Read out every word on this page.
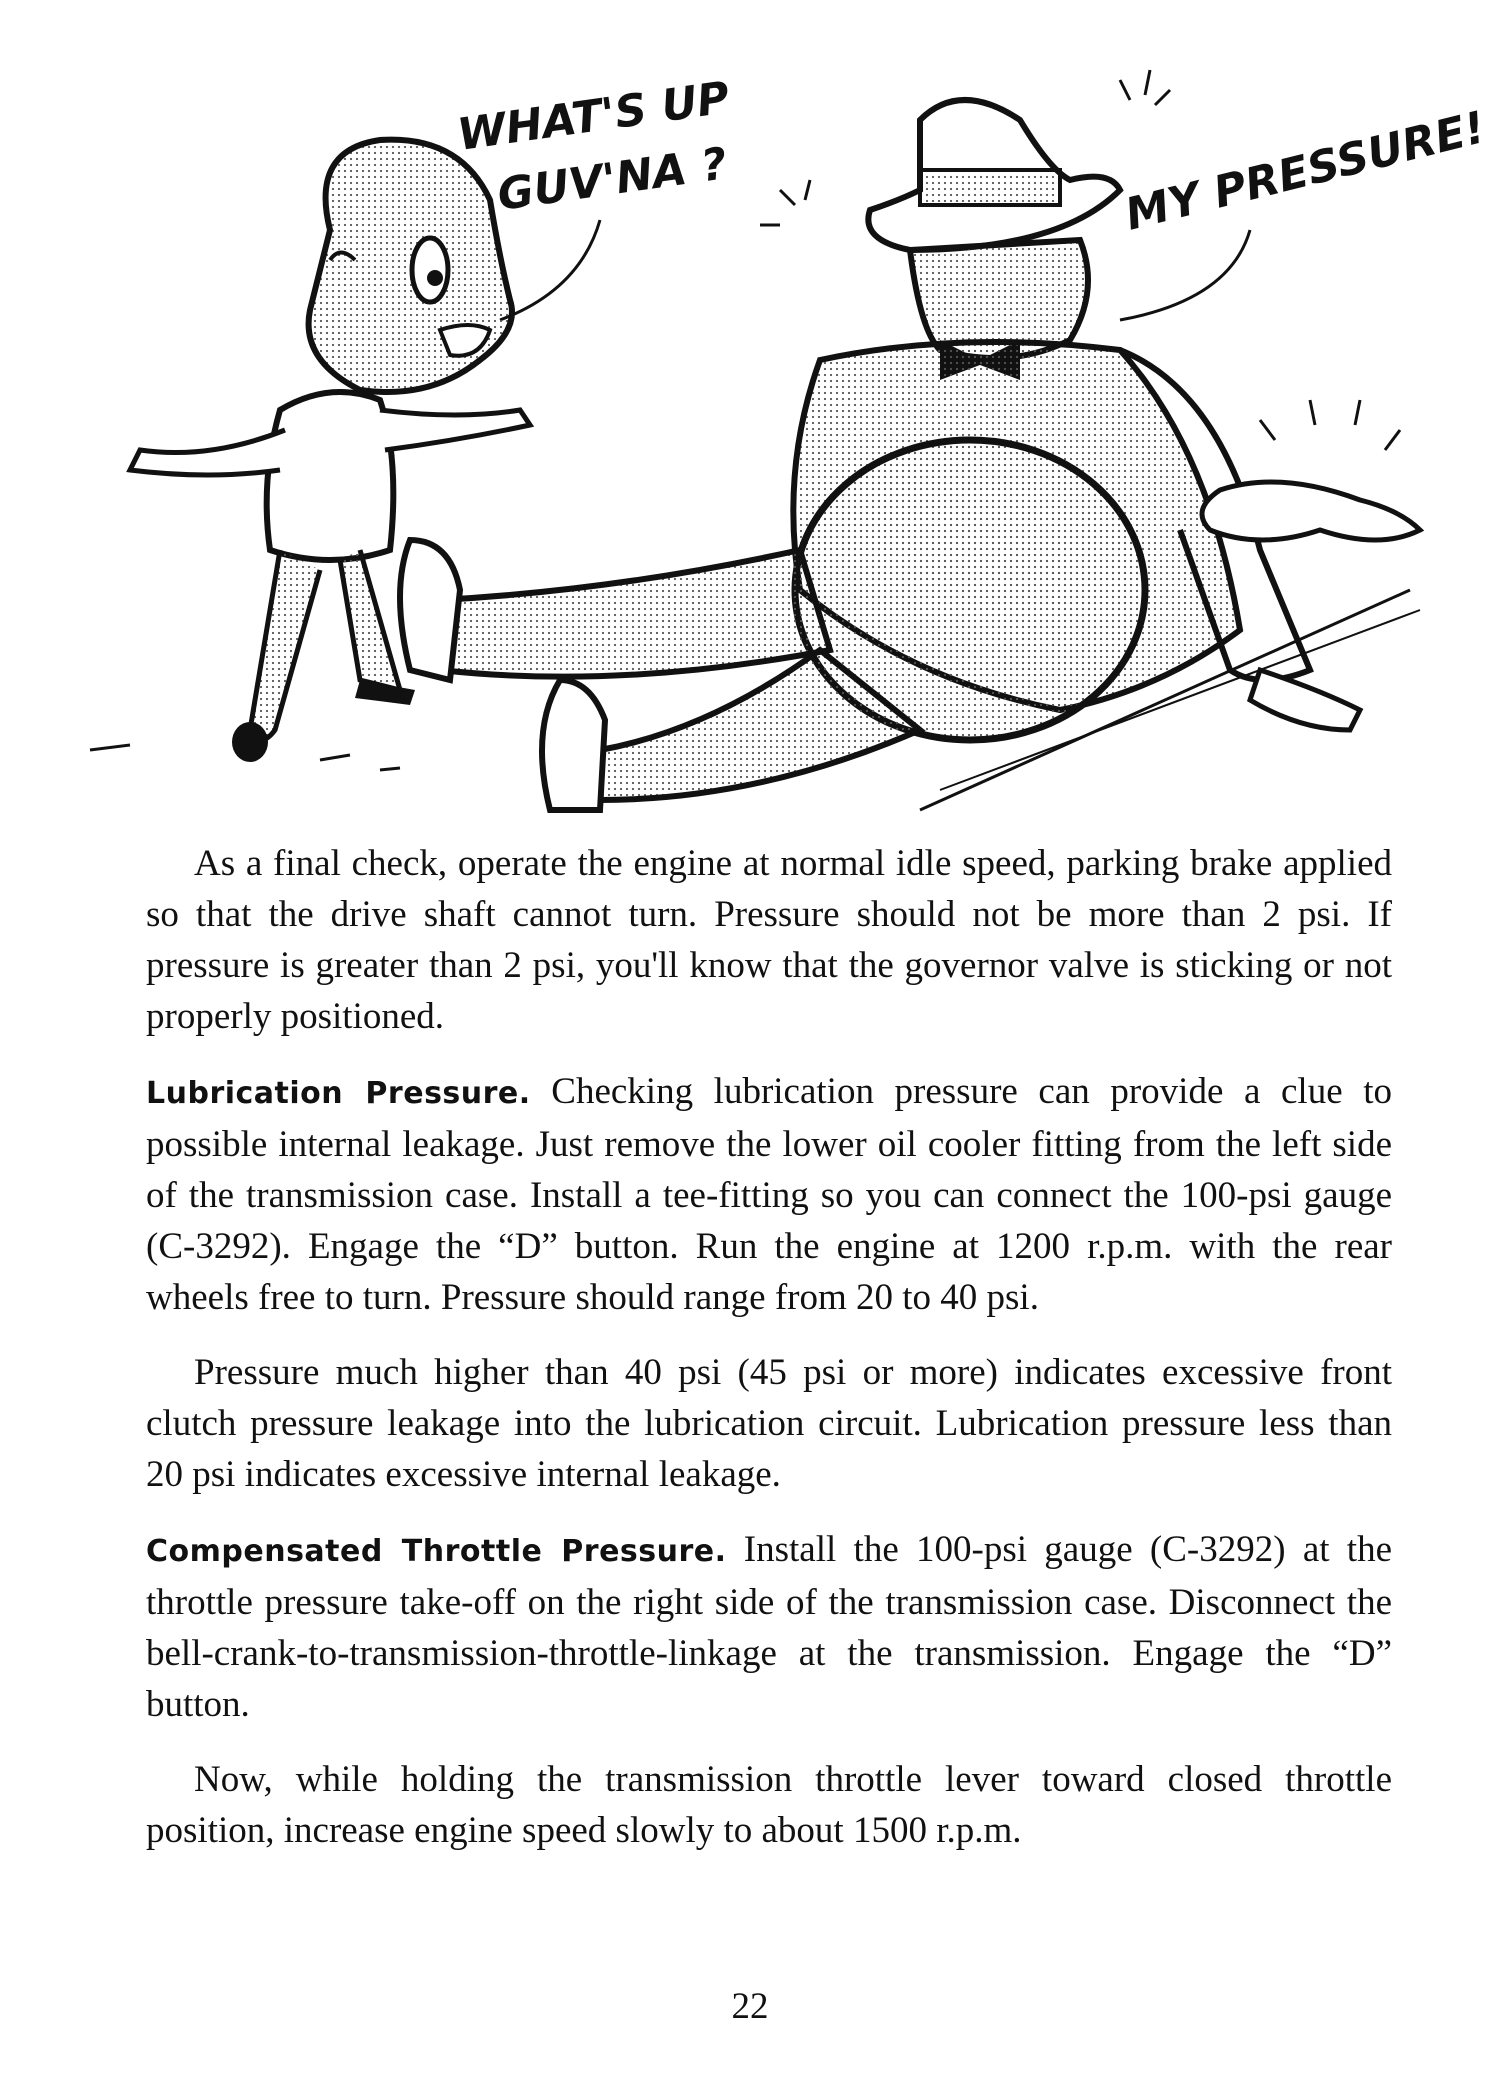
WHAT'S UP
GUV'NA ?	MY PRESSURE!

As a final check, operate the engine at normal idle speed, parking brake applied so that the drive shaft cannot turn. Pressure should not be more than 2 psi. If pressure is greater than 2 psi, you'll know that the governor valve is sticking or not properly positioned.

Lubrication Pressure. Checking lubrication pressure can provide a clue to possible internal leakage. Just remove the lower oil cooler fitting from the left side of the transmission case. Install a tee-fitting so you can connect the 100-psi gauge (C-3292). Engage the “D” button. Run the engine at 1200 r.p.m. with the rear wheels free to turn. Pressure should range from 20 to 40 psi.

Pressure much higher than 40 psi (45 psi or more) indicates excessive front clutch pressure leakage into the lubrication circuit. Lubrication pressure less than 20 psi indicates excessive internal leakage.

Compensated Throttle Pressure. Install the 100-psi gauge (C-3292) at the throttle pressure take-off on the right side of the transmission case. Disconnect the bell-crank-to-transmission-throttle-linkage at the transmission. Engage the “D” button.

Now, while holding the transmission throttle lever toward closed throttle position, increase engine speed slowly to about 1500 r.p.m.

22
